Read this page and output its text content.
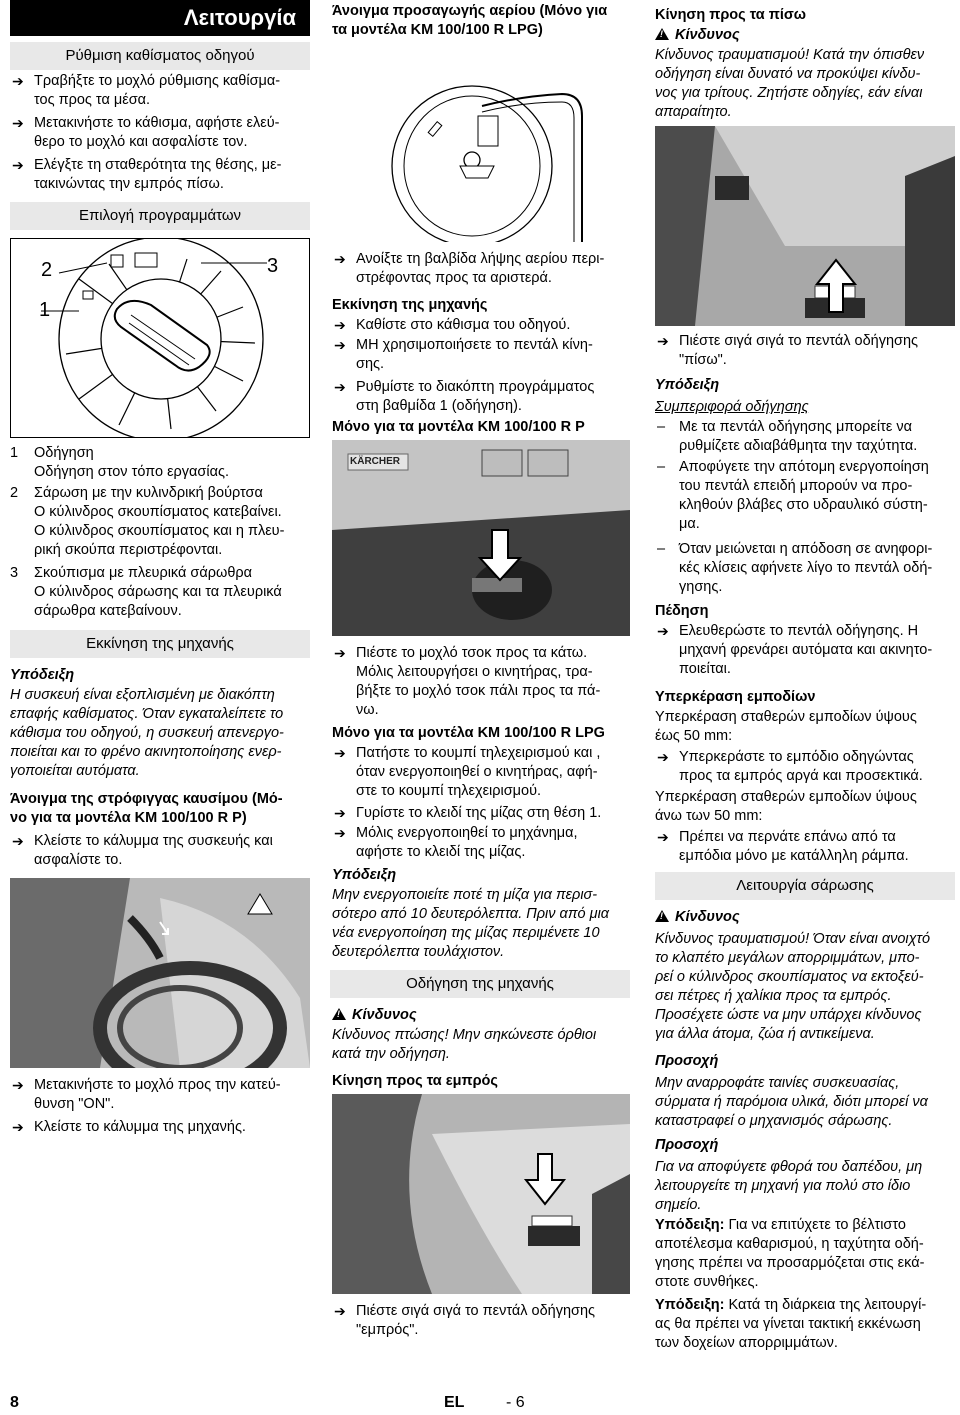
Λειτουργία
Ρύθμιση καθίσματος οδηγού
➔ Τραβήξτε το μοχλό ρύθμισης καθίσμα-
τος προς τα μέσα.
➔ Μετακινήστε το κάθισμα, αφήστε ελεύ-
θερο το μοχλό και ασφαλίστε τον.
➔ Ελέγξτε τη σταθερότητα της θέσης, με-
τακινώντας την εμπρός πίσω.
Επιλογή προγραμμάτων
2
1
3
1 Οδήγηση
Οδήγηση στον τόπο εργασίας.
2 Σάρωση με την κυλινδρική βούρτσα
Ο κύλινδρος σκουπίσματος κατεβαίνει.
Ο κύλινδρος σκουπίσματος και η πλευ-
ρική σκούπα περιστρέφονται.
3 Σκούπισμα με πλευρικά σάρωθρα
Ο κύλινδρος σάρωσης και τα πλευρικά
σάρωθρα κατεβαίνουν.
Εκκίνηση της μηχανής
Υπόδειξη
Η συσκευή είναι εξοπλισμένη με διακόπτη
επαφής καθίσματος. Όταν εγκαταλείπετε το
κάθισμα του οδηγού, η συσκευή απενεργο-
ποιείται και το φρένο ακινητοποίησης ενερ-
γοποιείται αυτόματα.
Άνοιγμα της στρόφιγγας καυσίμου (Μό-
νο για τα μοντέλα KM 100/100 R P)
➔ Κλείστε το κάλυμμα της συσκευής και
ασφαλίστε το.
➔ Μετακινήστε το μοχλό προς την κατεύ-
θυνση "ON".
➔ Κλείστε το κάλυμμα της μηχανής.
Άνοιγμα προσαγωγής αερίου (Μόνο για
τα μοντέλα KM 100/100 R LPG)
➔ Ανοίξτε τη βαλβίδα λήψης αερίου περι-
στρέφοντας προς τα αριστερά.
Εκκίνηση της μηχανής
➔ Καθίστε στο κάθισμα του οδηγού.
➔ ΜΗ χρησιμοποιήσετε το πεντάλ κίνη-
σης.
➔ Ρυθμίστε το διακόπτη προγράμματος
στη βαθμίδα 1 (οδήγηση).
Μόνο για τα μοντέλα KM 100/100 R P
KÄRCHER
➔ Πιέστε το μοχλό τσοκ προς τα κάτω.
Μόλις λειτουργήσει ο κινητήρας, τρα-
βήξτε το μοχλό τσοκ πάλι προς τα πά-
νω.
Μόνο για τα μοντέλα KM 100/100 R LPG
➔ Πατήστε το κουμπί τηλεχειρισμού και ,
όταν ενεργοποιηθεί ο κινητήρας, αφή-
στε το κουμπί τηλεχειρισμού.
➔ Γυρίστε το κλειδί της μίζας στη θέση 1.
➔ Μόλις ενεργοποιηθεί το μηχάνημα,
αφήστε το κλειδί της μίζας.
Υπόδειξη
Μην ενεργοποιείτε ποτέ τη μίζα για περισ-
σότερο από 10 δευτερόλεπτα. Πριν από μια
νέα ενεργοποίηση της μίζας περιμένετε 10
δευτερόλεπτα τουλάχιστον.
Οδήγηση της μηχανής
!Κίνδυνος
Κίνδυνος πτώσης! Μην σηκώνεστε όρθιοι
κατά την οδήγηση.
Κίνηση προς τα εμπρός
➔ Πιέστε σιγά σιγά το πεντάλ οδήγησης
"εμπρός".
Κίνηση προς τα πίσω
!Κίνδυνος
Κίνδυνος τραυματισμού! Κατά την όπισθεν
οδήγηση είναι δυνατό να προκύψει κίνδυ-
νος για τρίτους. Ζητήστε οδηγίες, εάν είναι
απαραίτητο.
➔ Πιέστε σιγά σιγά το πεντάλ οδήγησης
"πίσω".
Υπόδειξη
Συμπεριφορά οδήγησης
– Με τα πεντάλ οδήγησης μπορείτε να
ρυθμίζετε αδιαβάθμητα την ταχύτητα.
– Αποφύγετε την απότομη ενεργοποίηση
του πεντάλ επειδή μπορούν να προ-
κληθούν βλάβες στο υδραυλικό σύστη-
μα.
– Όταν μειώνεται η απόδοση σε ανηφορι-
κές κλίσεις αφήνετε λίγο το πεντάλ οδή-
γησης.
Πέδηση
➔ Ελευθερώστε το πεντάλ οδήγησης. Η
μηχανή φρενάρει αυτόματα και ακινητο-
ποιείται.
Υπερκέραση εμποδίων
Υπερκέραση σταθερών εμποδίων ύψους
έως 50 mm:
➔ Υπερκεράστε το εμπόδιο οδηγώντας
προς τα εμπρός αργά και προσεκτικά.
Υπερκέραση σταθερών εμποδίων ύψους
άνω των 50 mm:
➔ Πρέπει να περνάτε επάνω από τα
εμπόδια μόνο με κατάλληλη ράμπα.
Λειτουργία σάρωσης
!Κίνδυνος
Κίνδυνος τραυματισμού! Όταν είναι ανοιχτό
το κλαπέτο μεγάλων απορριμμάτων, μπο-
ρεί ο κύλινδρος σκουπίσματος να εκτοξεύ-
σει πέτρες ή χαλίκια προς τα εμπρός.
Προσέχετε ώστε να μην υπάρχει κίνδυνος
για άλλα άτομα, ζώα ή αντικείμενα.
Προσοχή
Μην αναρροφάτε ταινίες συσκευασίας,
σύρματα ή παρόμοια υλικά, διότι μπορεί να
καταστραφεί ο μηχανισμός σάρωσης.
Προσοχή
Για να αποφύγετε φθορά του δαπέδου, μη
λειτουργείτε τη μηχανή για πολύ στο ίδιο
σημείο.
Υπόδειξη: Για να επιτύχετε το βέλτιστο
αποτέλεσμα καθαρισμού, η ταχύτητα οδή-
γησης πρέπει να προσαρμόζεται στις εκά-
στοτε συνθήκες.
Υπόδειξη: Κατά τη διάρκεια της λειτουργί-
ας θα πρέπει να γίνεται τακτική εκκένωση
των δοχείων απορριμμάτων.
8	EL	- 6
